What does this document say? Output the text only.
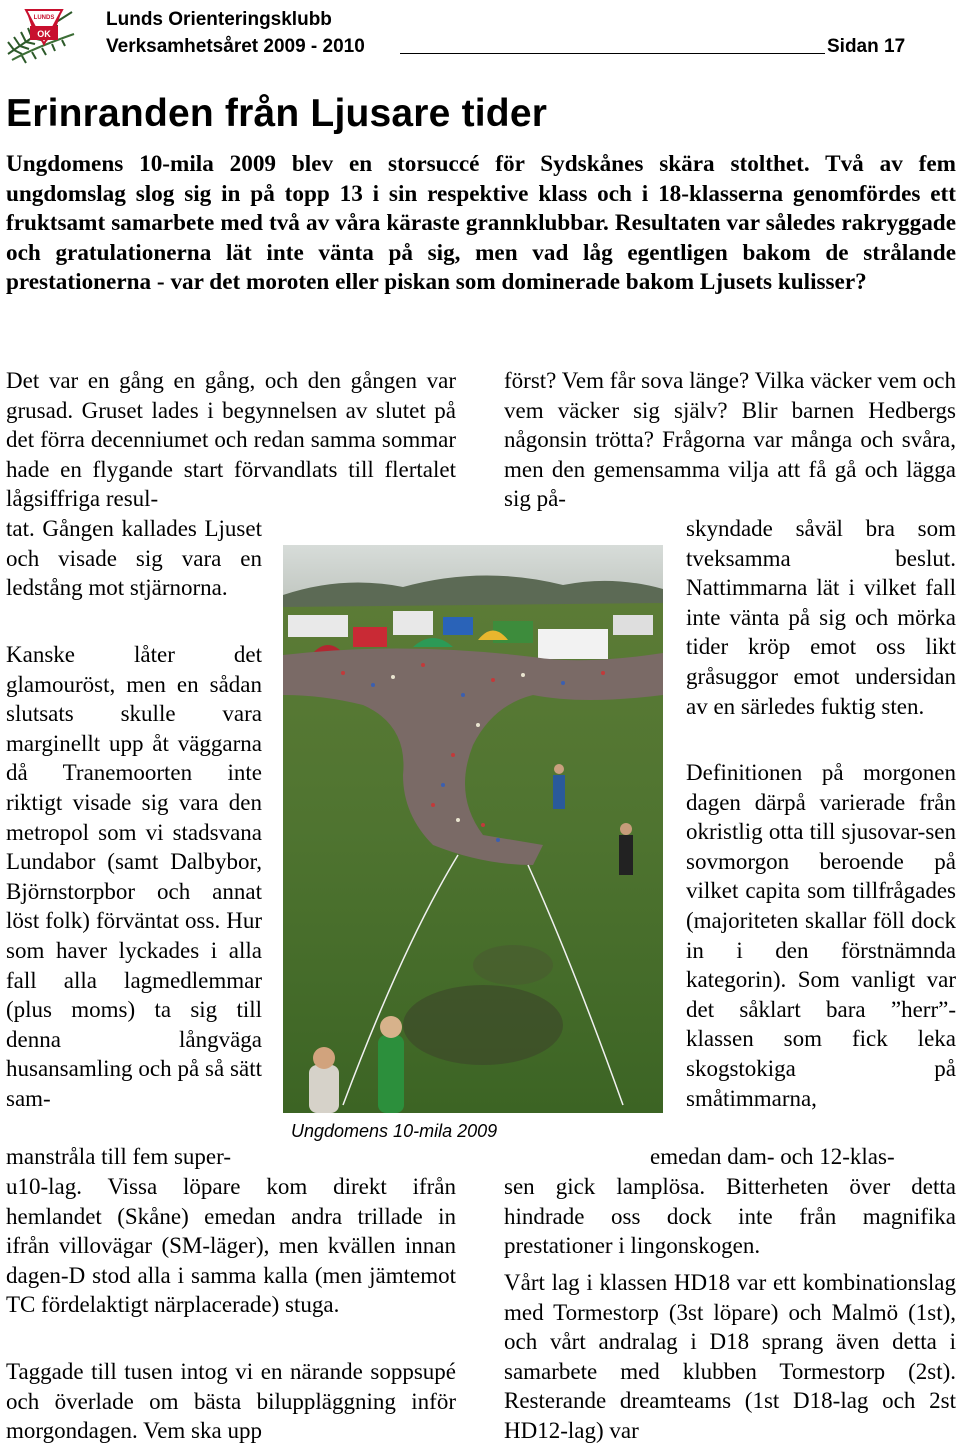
LUNDS
OK
Lunds Orienteringsklubb
Verksamhetsåret 2009 - 2010	Sidan 17
Erinranden från Ljusare tider

Ungdomens 10-mila 2009 blev en storsuccé för Sydskånes skära stolthet. Två av fem ungdomslag slog sig in på topp 13 i sin respektive klass och i 18-klasserna genomfördes ett fruktsamt samarbete med två av våra käraste grannklubbar. Resultaten var således rakryggade och gratulationerna lät inte vänta på sig, men vad låg egentligen bakom de strålande prestationerna - var det moroten eller piskan som dominerade bakom Ljusets kulisser?

Det var en gång en gång, och den gången var grusad. Gruset lades i begynnelsen av slutet på det förra decenniumet och redan samma sommar hade en flygande start förvandlats till flertalet lågsiffriga resul-
tat. Gången kallades Ljuset och visade sig vara en ledstång mot stjärnorna.
Kanske låter det glamouröst, men en sådan slutsats skulle vara marginellt upp åt väggarna då Tranemoorten inte riktigt visade sig vara den metropol som vi stadsvana Lundabor (samt Dalbybor, Björnstorpbor och annat löst folk) förväntat oss. Hur som haver lyckades i alla fall alla lagmedlemmar (plus moms) ta sig till denna långväga husansamling och på så sätt sam-
manstråla till fem super-
u10-lag. Vissa löpare kom direkt ifrån hemlandet (Skåne) emedan andra trillade in ifrån villovägar (SM-läger), men kvällen innan dagen-D stod alla i samma kalla (men jämtemot TC fördelaktigt närplacerade) stuga.
Taggade till tusen intog vi en närande soppsupé och överlade om bästa biluppläggning inför morgondagen. Vem ska upp
först? Vem får sova länge? Vilka väcker vem och vem väcker sig själv? Blir barnen Hedbergs någonsin trötta? Frågorna var många och svåra, men den gemensamma vilja att få gå och lägga sig på-
skyndade såväl bra som tveksamma beslut. Nattimmarna lät i vilket fall inte vänta på sig och mörka tider kröp emot oss likt gråsuggor emot undersidan av en särledes fuktig sten.
Definitionen på morgonen dagen därpå varierade från okristlig otta till sjusovar-sen sovmorgon beroende på vilket capita som tillfrågades (majoriteten skallar föll dock in i den förstnämnda kategorin). Som vanligt var det såklart bara ”herr”-klassen som fick leka skogstokiga på småtimmarna,
emedan dam- och 12-klas-
sen gick lamplösa. Bitterheten över detta hindrade oss dock inte från magnifika prestationer i lingonskogen.
Vårt lag i klassen HD18 var ett kombinationslag med Tormestorp (3st löpare) och Malmö (1st), och vårt andralag i D18 sprang även detta i samarbete med klubben Tormestorp (2st). Resterande dreamteams (1st D18-lag och 2st HD12-lag) var
Ungdomens 10-mila 2009
